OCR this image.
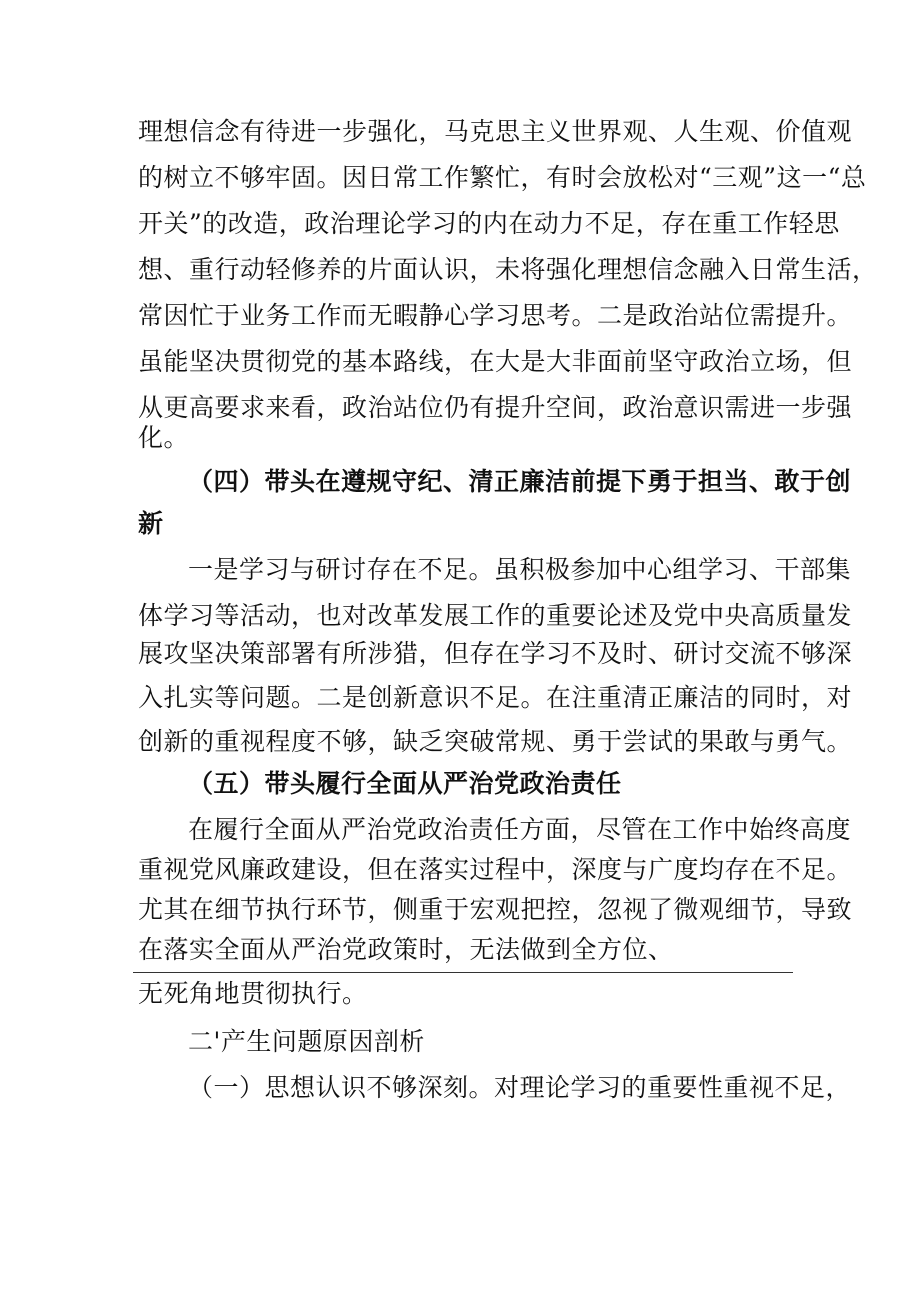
理想信念有待进一步强化，马克思主义世界观、人生观、价值观
的树立不够牢固。因日常工作繁忙，有时会放松对“三观”这一“总
开关”的改造，政治理论学习的内在动力不足，存在重工作轻思
想、重行动轻修养的片面认识，未将强化理想信念融入日常生活，
常因忙于业务工作而无暇静心学习思考。二是政治站位需提升。
虽能坚决贯彻党的基本路线，在大是大非面前坚守政治立场，但
从更高要求来看，政治站位仍有提升空间，政治意识需进一步强
化。
（四）带头在遵规守纪、清正廉洁前提下勇于担当、敢于创
新
一是学习与研讨存在不足。虽积极参加中心组学习、干部集
体学习等活动，也对改革发展工作的重要论述及党中央高质量发
展攻坚决策部署有所涉猎，但存在学习不及时、研讨交流不够深
入扎实等问题。二是创新意识不足。在注重清正廉洁的同时，对
创新的重视程度不够，缺乏突破常规、勇于尝试的果敢与勇气。
（五）带头履行全面从严治党政治责任
在履行全面从严治党政治责任方面，尽管在工作中始终高度
重视党风廉政建设，但在落实过程中，深度与广度均存在不足。
尤其在细节执行环节，侧重于宏观把控，忽视了微观细节，导致
在落实全面从严治党政策时，无法做到全方位、
无死角地贯彻执行。
二'产生问题原因剖析
（一）思想认识不够深刻。对理论学习的重要性重视不足，
